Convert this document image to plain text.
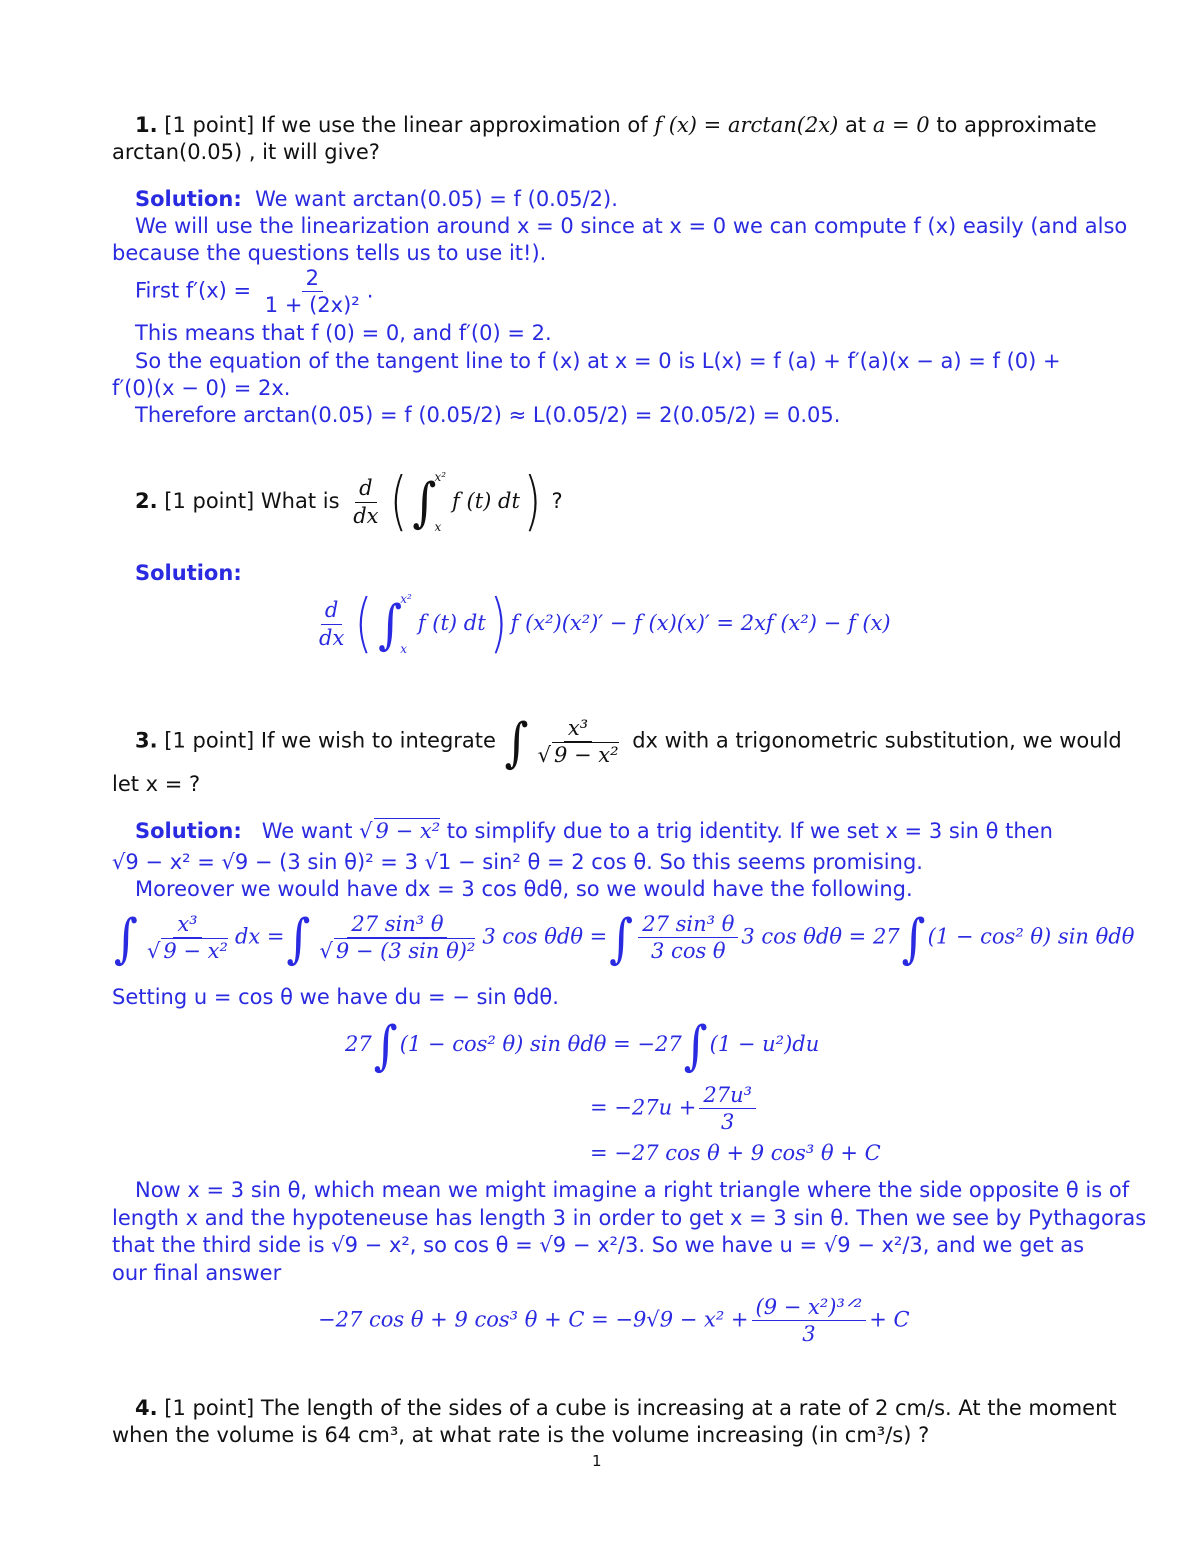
1. [1 point] If we use the linear approximation of f (x) = arctan(2x) at a = 0 to approximate
arctan(0.05) , it will give?
Solution: We want arctan(0.05) = f (0.05/2).
We will use the linearization around x = 0 since at x = 0 we can compute f (x) easily (and also
because the questions tells us to use it!).
First $f'(x) = \frac{2}{\text{1 + (2x)²}}$ .
This means that f (0) = 0, and f′(0) = 2.
So the equation of the tangent line to f (x) at x = 0 is L(x) = f (a) + f′(a)(x − a) = f (0) +
f′(0)(x − 0) = 2x.
Therefore arctan(0.05) = f (0.05/2) ≈ L(0.05/2) = 2(0.05/2) = 0.05.
2. [1 point] What is $\frac{d}{dx}$ ( ∫
x²
x
f (t) dt) ?
Solution:
$\frac{d}{dx}$ ( ∫
x²
x
f (t) dt) f (x²)(x²)′ − f (x)(x)′ = 2xf (x²) − f (x)
3. [1 point] If we wish to integrate ∫ $\frac{\text{x³}}{\text{√ 9 − x²}}$ dx with a trigonometric substitution, we would
let x = ?
Solution: We want √ 9 − x² to simplify due to a trig identity. If we set x = 3 sin θ then
√9 − x² = √9 − (3 sin θ)² = 3 √1 − sin² θ = 2 cos θ. So this seems promising.
Moreover we would have dx = 3 cos θdθ, so we would have the following.
∫ $\frac{\text{x³}}{\text{√ 9 − x²}}$ dx =∫ $\frac{\text{27 sin³ θ}}{\text{√ 9 − (3 sin θ)²}} 3$ cos θdθ =∫ $\frac{\text{27 sin³ θ}}{\text{3 cos θ}} 3$ cos θdθ = 27∫(1 − cos² θ) sin θdθ
Setting u = cos θ we have du = − sin θdθ.
27∫(1 − cos² θ) sin θdθ = −27∫(1 − u²)du
= $-27u + \frac{\text{27u³}}{3}$
= −27 cos θ + 9 cos³ θ + C
Now x = 3 sin θ, which mean we might imagine a right triangle where the side opposite θ is of
length x and the hypoteneuse has length 3 in order to get x = 3 sin θ. Then we see by Pythagoras
that the third side is √9 − x², so cos θ = √9 − x²/3. So we have u = √9 − x²/3, and we get as
our final answer
−27 cos θ + 9 cos³ $\theta + C = -9√9 - x^2 + \frac{\text{(9 − x²)³ᐟ²}}{3} + C$
4. [1 point] The length of the sides of a cube is increasing at a rate of 2 cm/s. At the moment
when the volume is 64 cm³, at what rate is the volume increasing (in cm³/s) ?
1
